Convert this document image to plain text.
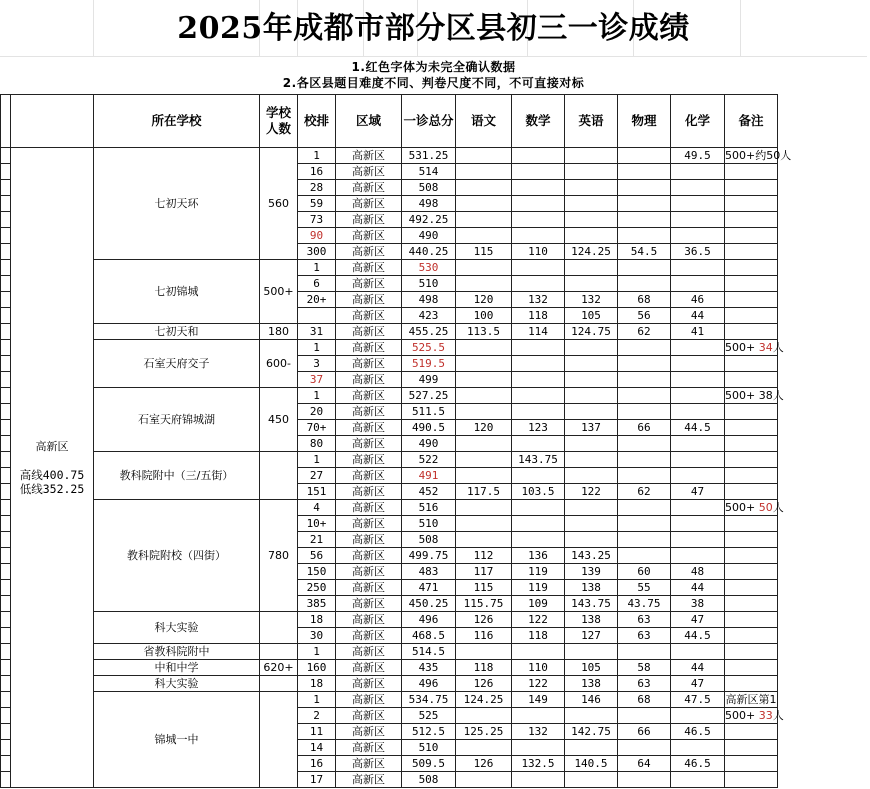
2025年成都市部分区县初三一诊成绩
1.红色字体为未完全确认数据
2.各区县题目难度不同、判卷尺度不同，不可直接对标
		所在学校	学校人数	校排	区域	一诊总分	语文	数学	英语	物理	化学	备注

	高新区
高线400.75
低线352.25	七初天环	560	1	高新区	531.25					49.5	500+约50人
				16	高新区	514						
				28	高新区	508						
				59	高新区	498						
				73	高新区	492.25						
				90	高新区	490						
				300	高新区	440.25	115	110	124.25	54.5	36.5	
		七初锦城	500+	1	高新区	530						
				6	高新区	510						
				20+	高新区	498	120	132	132	68	46	
					高新区	423	100	118	105	56	44	
		七初天和	180	31	高新区	455.25	113.5	114	124.75	62	41	
		石室天府交子	600-	1	高新区	525.5						500+ 34人
				3	高新区	519.5						
				37	高新区	499						
		石室天府锦城湖	450	1	高新区	527.25						500+ 38人
				20	高新区	511.5						
				70+	高新区	490.5	120	123	137	66	44.5	
				80	高新区	490						
		教科院附中（三/五街）		1	高新区	522		143.75				
				27	高新区	491						
				151	高新区	452	117.5	103.5	122	62	47	
		教科院附校（四街）	780	4	高新区	516						500+ 50人
				10+	高新区	510						
				21	高新区	508						
				56	高新区	499.75	112	136	143.25			
				150	高新区	483	117	119	139	60	48	
				250	高新区	471	115	119	138	55	44	
				385	高新区	450.25	115.75	109	143.75	43.75	38	
		科大实验		18	高新区	496	126	122	138	63	47	
				30	高新区	468.5	116	118	127	63	44.5	
		省教科院附中		1	高新区	514.5						
		中和中学	620+	160	高新区	435	118	110	105	58	44	
		科大实验		18	高新区	496	126	122	138	63	47	
		锦城一中		1	高新区	534.75	124.25	149	146	68	47.5	高新区第1
				2	高新区	525						500+ 33人
				11	高新区	512.5	125.25	132	142.75	66	46.5	
				14	高新区	510						
				16	高新区	509.5	126	132.5	140.5	64	46.5	
				17	高新区	508						
